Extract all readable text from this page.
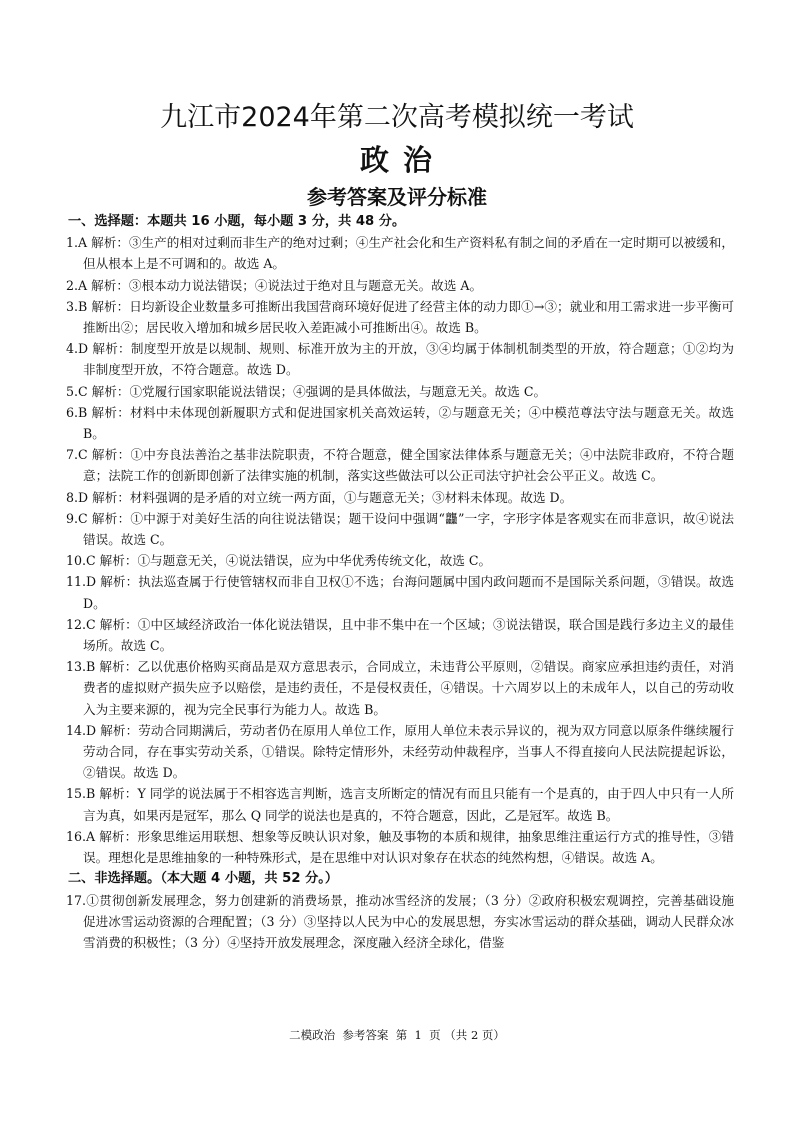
九江市2024年第二次高考模拟统一考试
政 治
参考答案及评分标准
一、选择题：本题共 16 小题，每小题 3 分，共 48 分。
1.A 解析：③生产的相对过剩而非生产的绝对过剩；④生产社会化和生产资料私有制之间的矛盾在一定时期可以被缓和，但从根本上是不可调和的。故选 A。
2.A 解析：③根本动力说法错误；④说法过于绝对且与题意无关。故选 A。
3.B 解析：日均新设企业数量多可推断出我国营商环境好促进了经营主体的动力即①→③；就业和用工需求进一步平衡可推断出②；居民收入增加和城乡居民收入差距减小可推断出④。故选 B。
4.D 解析：制度型开放是以规制、规则、标准开放为主的开放，③④均属于体制机制类型的开放，符合题意；①②均为非制度型开放，不符合题意。故选 D。
5.C 解析：①党履行国家职能说法错误；④强调的是具体做法，与题意无关。故选 C。
6.B 解析：材料中未体现创新履职方式和促进国家机关高效运转，②与题意无关；④中模范尊法守法与题意无关。故选 B。
7.C 解析：①中夯良法善治之基非法院职责，不符合题意，健全国家法律体系与题意无关；④中法院非政府，不符合题意；法院工作的创新即创新了法律实施的机制，落实这些做法可以公正司法守护社会公平正义。故选 C。
8.D 解析：材料强调的是矛盾的对立统一两方面，①与题意无关；③材料未体现。故选 D。
9.C 解析：①中源于对美好生活的向往说法错误；题干设问中强调“龘”一字，字形字体是客观实在而非意识，故④说法错误。故选 C。
10.C 解析：①与题意无关，④说法错误，应为中华优秀传统文化，故选 C。
11.D 解析：执法巡查属于行使管辖权而非自卫权①不选；台海问题属中国内政问题而不是国际关系问题，③错误。故选 D。
12.C 解析：①中区域经济政治一体化说法错误，且中非不集中在一个区域；③说法错误，联合国是践行多边主义的最佳场所。故选 C。
13.B 解析：乙以优惠价格购买商品是双方意思表示，合同成立，未违背公平原则，②错误。商家应承担违约责任，对消费者的虚拟财产损失应予以赔偿，是违约责任，不是侵权责任，④错误。十六周岁以上的未成年人，以自己的劳动收入为主要来源的，视为完全民事行为能力人。故选 B。
14.D 解析：劳动合同期满后，劳动者仍在原用人单位工作，原用人单位未表示异议的，视为双方同意以原条件继续履行劳动合同，存在事实劳动关系，①错误。除特定情形外，未经劳动仲裁程序，当事人不得直接向人民法院提起诉讼，②错误。故选 D。
15.B 解析：Y 同学的说法属于不相容选言判断，选言支所断定的情况有而且只能有一个是真的，由于四人中只有一人所言为真，如果丙是冠军，那么 Q 同学的说法也是真的，不符合题意，因此，乙是冠军。故选 B。
16.A 解析：形象思维运用联想、想象等反映认识对象，触及事物的本质和规律，抽象思维注重运行方式的推导性，③错误。理想化是思维抽象的一种特殊形式，是在思维中对认识对象存在状态的纯然构想，④错误。故选 A。
二、非选择题。（本大题 4 小题，共 52 分。）
17.①贯彻创新发展理念，努力创建新的消费场景，推动冰雪经济的发展；（3 分）②政府积极宏观调控，完善基础设施促进冰雪运动资源的合理配置；（3 分）③坚持以人民为中心的发展思想，夯实冰雪运动的群众基础，调动人民群众冰雪消费的积极性；（3 分）④坚持开放发展理念，深度融入经济全球化，借鉴
二模政治  参考答案  第  1  页 （共 2 页）
